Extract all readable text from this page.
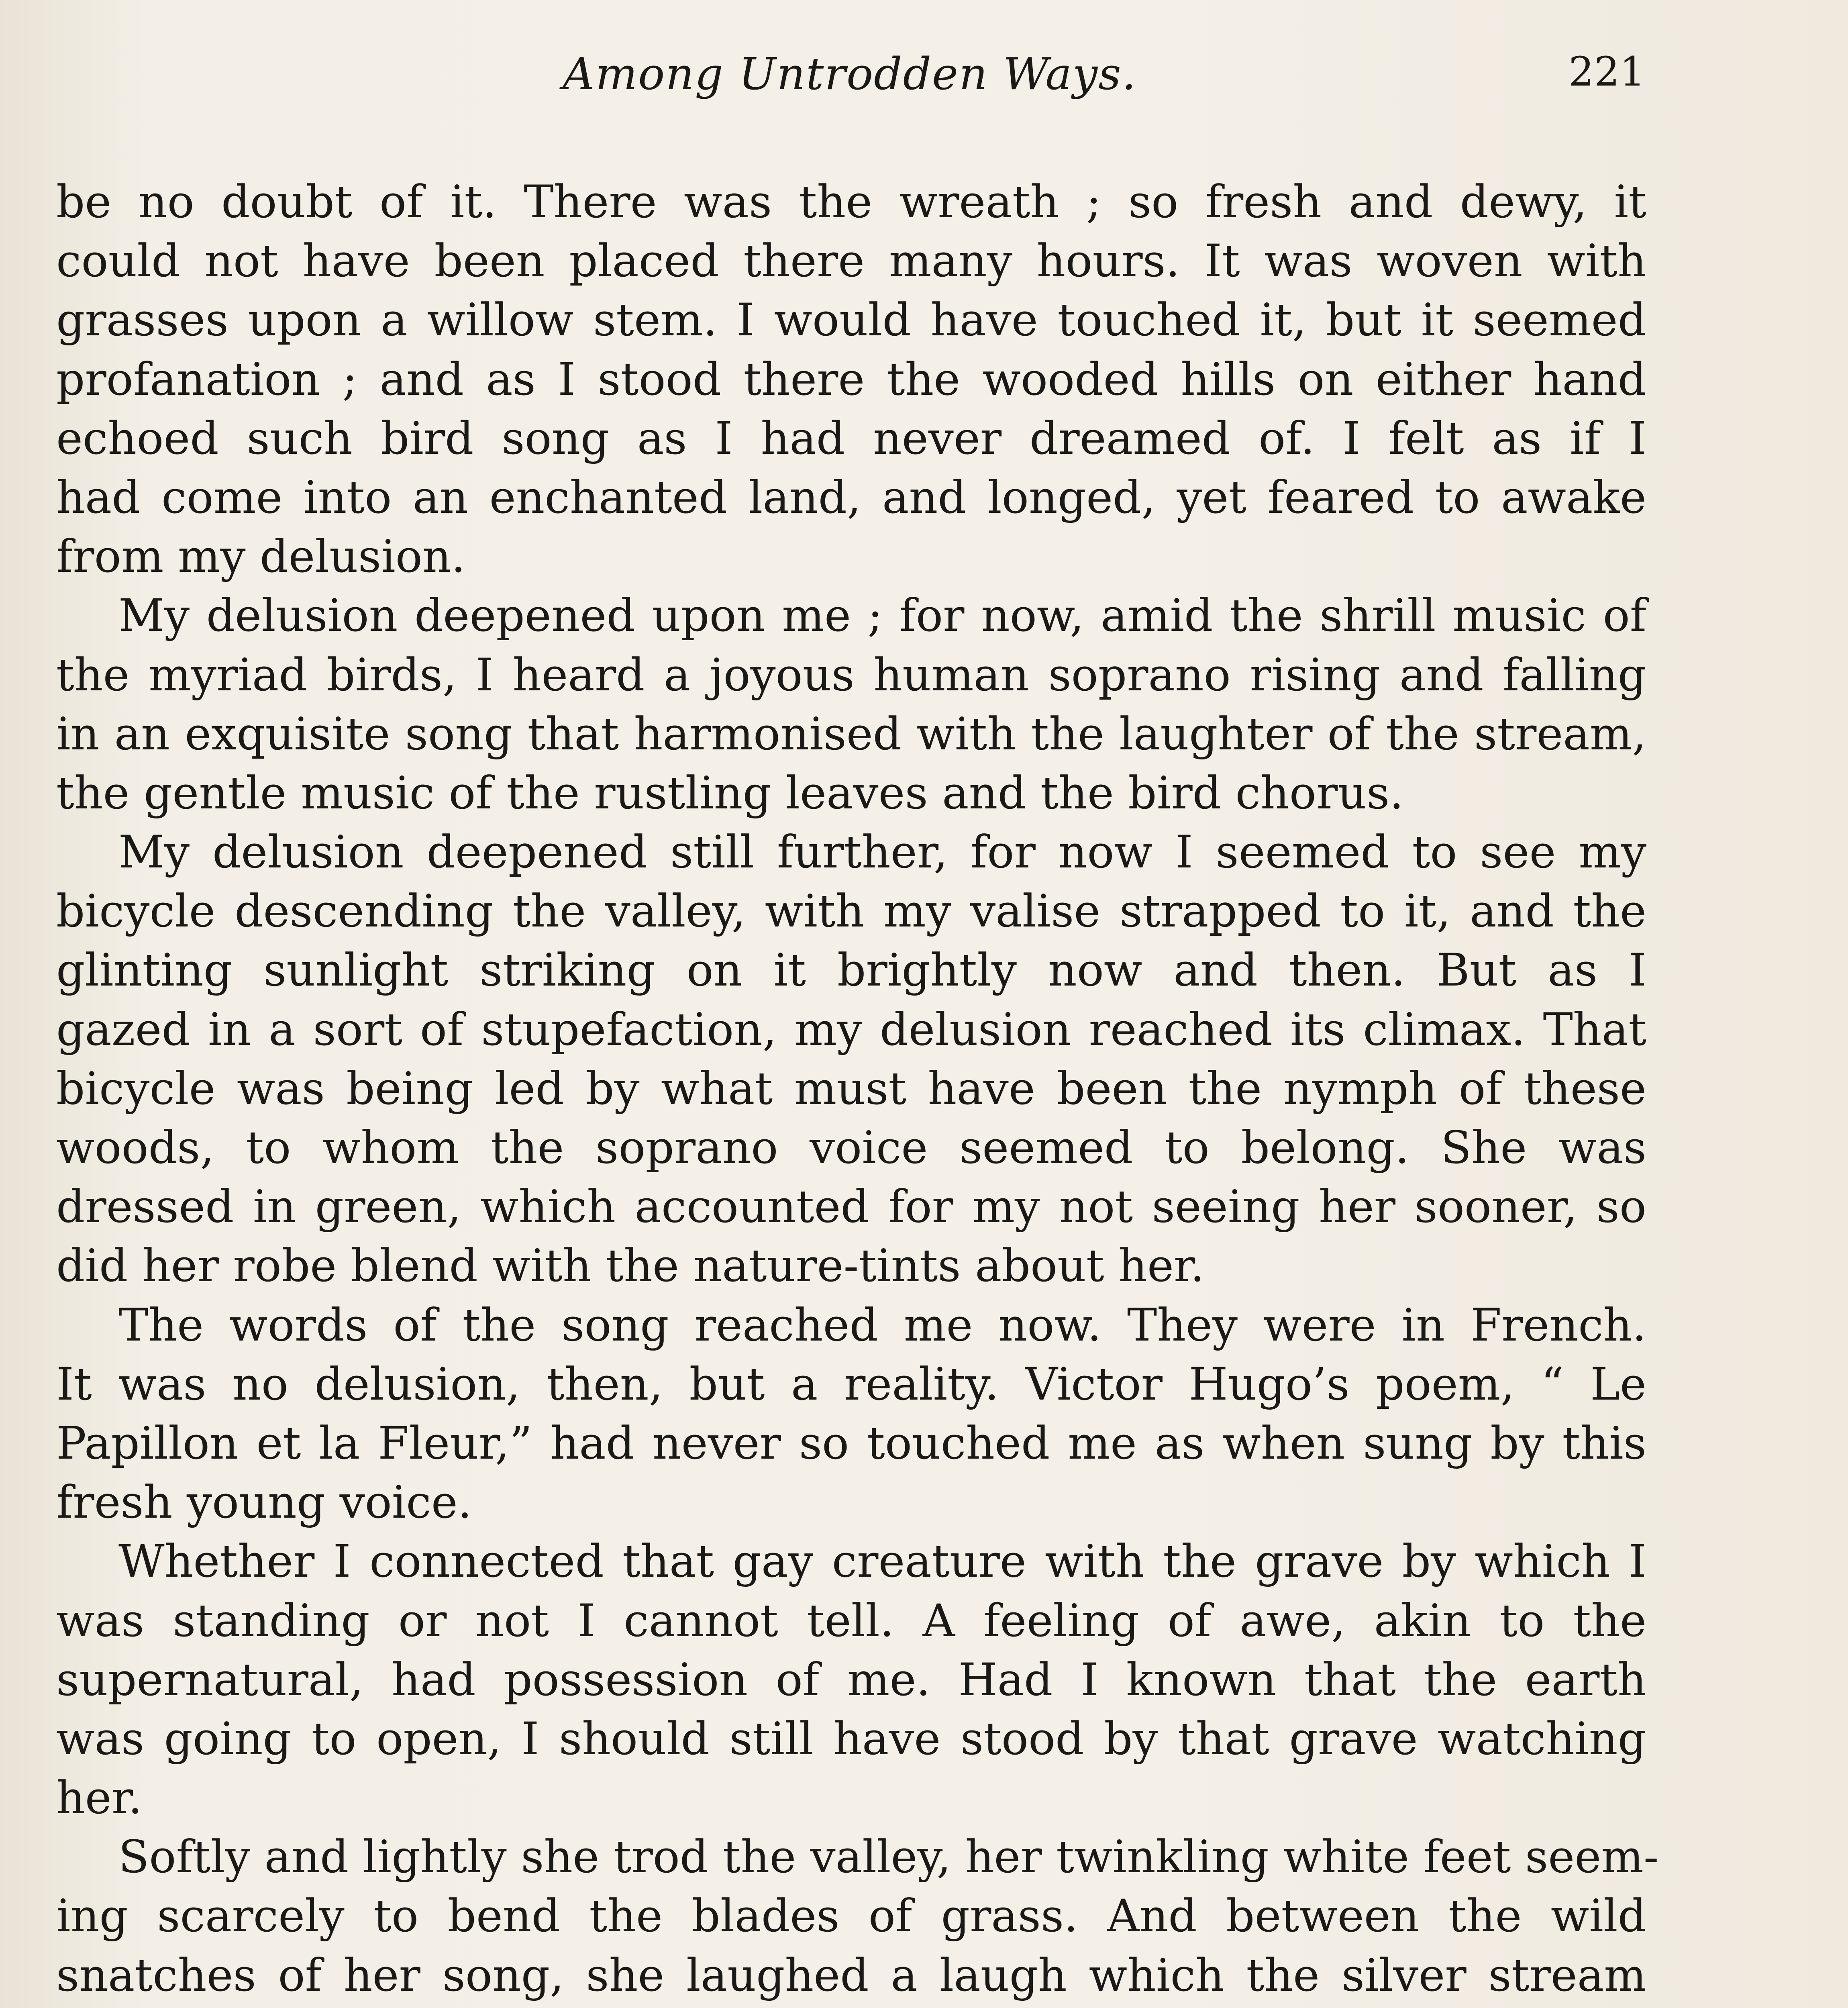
Among Untrodden Ways.	221
be no doubt of it. There was the wreath ; so fresh and dewy, it
could not have been placed there many hours. It was woven with
grasses upon a willow stem. I would have touched it, but it seemed
profanation ; and as I stood there the wooded hills on either hand
echoed such bird song as I had never dreamed of. I felt as if I
had come into an enchanted land, and longed, yet feared to awake
from my delusion.
My delusion deepened upon me ; for now, amid the shrill music of
the myriad birds, I heard a joyous human soprano rising and falling
in an exquisite song that harmonised with the laughter of the stream,
the gentle music of the rustling leaves and the bird chorus.
My delusion deepened still further, for now I seemed to see my
bicycle descending the valley, with my valise strapped to it, and the
glinting sunlight striking on it brightly now and then. But as I
gazed in a sort of stupefaction, my delusion reached its climax. That
bicycle was being led by what must have been the nymph of these
woods, to whom the soprano voice seemed to belong. She was
dressed in green, which accounted for my not seeing her sooner, so
did her robe blend with the nature-tints about her.
The words of the song reached me now. They were in French.
It was no delusion, then, but a reality. Victor Hugo’s poem, “ Le
Papillon et la Fleur,” had never so touched me as when sung by this
fresh young voice.
Whether I connected that gay creature with the grave by which I
was standing or not I cannot tell. A feeling of awe, akin to the
supernatural, had possession of me. Had I known that the earth
was going to open, I should still have stood by that grave watching
her.
Softly and lightly she trod the valley, her twinkling white feet seem-
ing scarcely to bend the blades of grass. And between the wild
snatches of her song, she laughed a laugh which the silver stream
